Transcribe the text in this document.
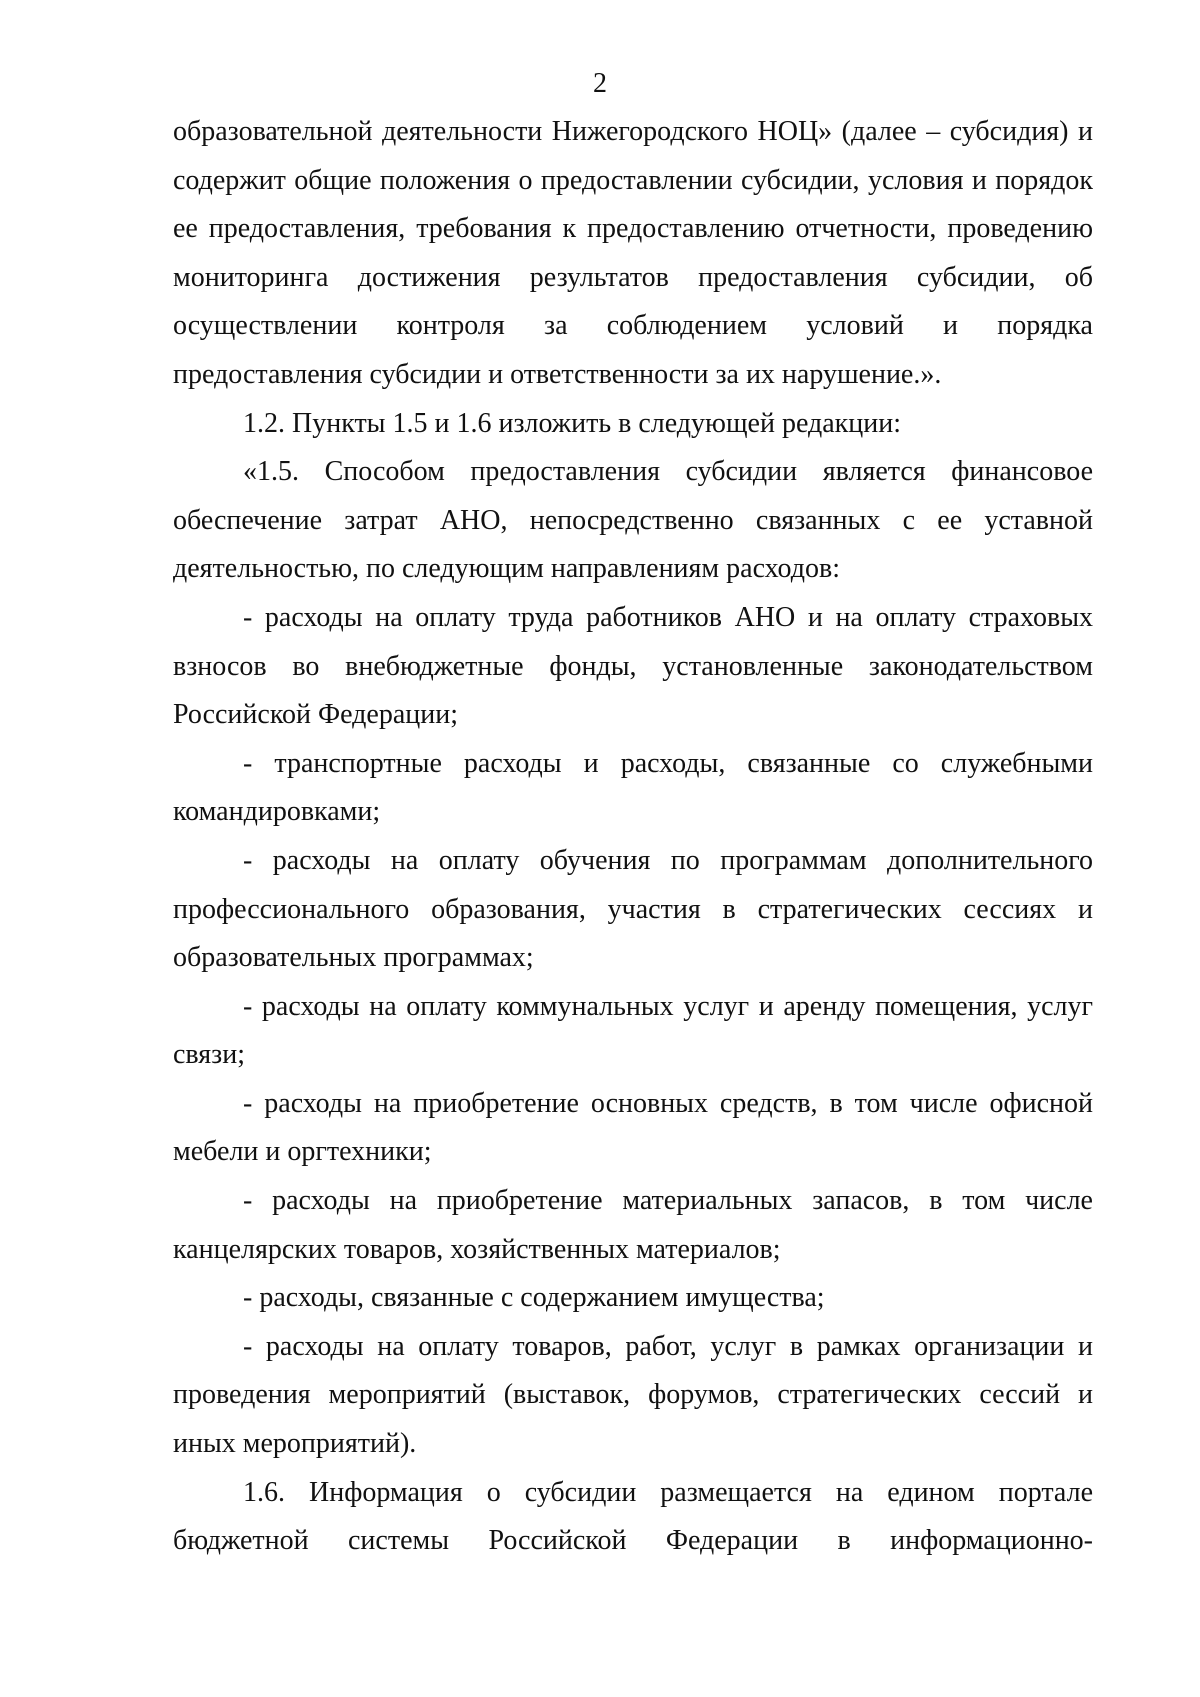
2

образовательной деятельности Нижегородского НОЦ» (далее – субсидия) и содержит общие положения о предоставлении субсидии, условия и порядок ее предоставления, требования к предоставлению отчетности, проведению мониторинга достижения результатов предоставления субсидии, об осуществлении контроля за соблюдением условий и порядка предоставления субсидии и ответственности за их нарушение.».

1.2. Пункты 1.5 и 1.6 изложить в следующей редакции:

«1.5. Способом предоставления субсидии является финансовое обеспечение затрат АНО, непосредственно связанных с ее уставной деятельностью, по следующим направлениям расходов:

- расходы на оплату труда работников АНО и на оплату страховых взносов во внебюджетные фонды, установленные законодательством Российской Федерации;

- транспортные расходы и расходы, связанные со служебными командировками;

- расходы на оплату обучения по программам дополнительного профессионального образования, участия в стратегических сессиях и образовательных программах;

- расходы на оплату коммунальных услуг и аренду помещения, услуг связи;

- расходы на приобретение основных средств, в том числе офисной мебели и оргтехники;

- расходы на приобретение материальных запасов, в том числе канцелярских товаров, хозяйственных материалов;

- расходы, связанные с содержанием имущества;

- расходы на оплату товаров, работ, услуг в рамках организации и проведения мероприятий (выставок, форумов, стратегических сессий и иных мероприятий).

1.6. Информация о субсидии размещается на едином портале бюджетной системы Российской Федерации в информационно-
